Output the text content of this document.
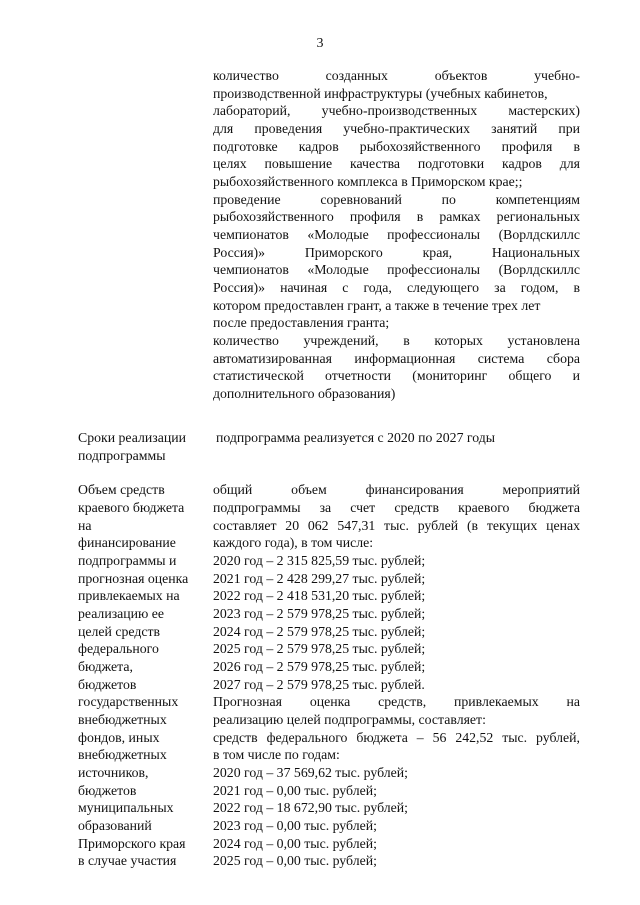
3
количество созданных объектов учебно-
производственной инфраструктуры (учебных кабинетов,
лабораторий, учебно-производственных мастерских)
для проведения учебно-практических занятий при
подготовке кадров рыбохозяйственного профиля в
целях повышение качества подготовки кадров для
рыбохозяйственного комплекса в Приморском крае;;
проведение соревнований по компетенциям
рыбохозяйственного профиля в рамках региональных
чемпионатов «Молодые профессионалы (Ворлдскиллс
Россия)» Приморского края, Национальных
чемпионатов «Молодые профессионалы (Ворлдскиллс
Россия)» начиная с года, следующего за годом, в
котором предоставлен грант, а также в течение трех лет
после предоставления гранта;
количество учреждений, в которых установлена
автоматизированная информационная система сбора
статистической отчетности (мониторинг общего и
дополнительного образования)
Сроки реализации
подпрограммы
подпрограмма реализуется с 2020 по 2027 годы
Объем средств
краевого бюджета
на
финансирование
подпрограммы и
прогнозная оценка
привлекаемых на
реализацию ее
целей средств
федерального
бюджета,
бюджетов
государственных
внебюджетных
фондов, иных
внебюджетных
источников,
бюджетов
муниципальных
образований
Приморского края
в случае участия
общий объем финансирования мероприятий
подпрограммы за счет средств краевого бюджета
составляет 20 062 547,31 тыс. рублей (в текущих ценах
каждого года), в том числе:
2020 год – 2 315 825,59 тыс. рублей;
2021 год – 2 428 299,27 тыс. рублей;
2022 год – 2 418 531,20 тыс. рублей;
2023 год – 2 579 978,25 тыс. рублей;
2024 год – 2 579 978,25 тыс. рублей;
2025 год – 2 579 978,25 тыс. рублей;
2026 год – 2 579 978,25 тыс. рублей;
2027 год – 2 579 978,25 тыс. рублей.
Прогнозная оценка средств, привлекаемых на
реализацию целей подпрограммы, составляет:
средств федерального бюджета – 56 242,52 тыс. рублей,
в том числе по годам:
2020 год – 37 569,62 тыс. рублей;
2021 год – 0,00 тыс. рублей;
2022 год – 18 672,90 тыс. рублей;
2023 год – 0,00 тыс. рублей;
2024 год – 0,00 тыс. рублей;
2025 год – 0,00 тыс. рублей;
